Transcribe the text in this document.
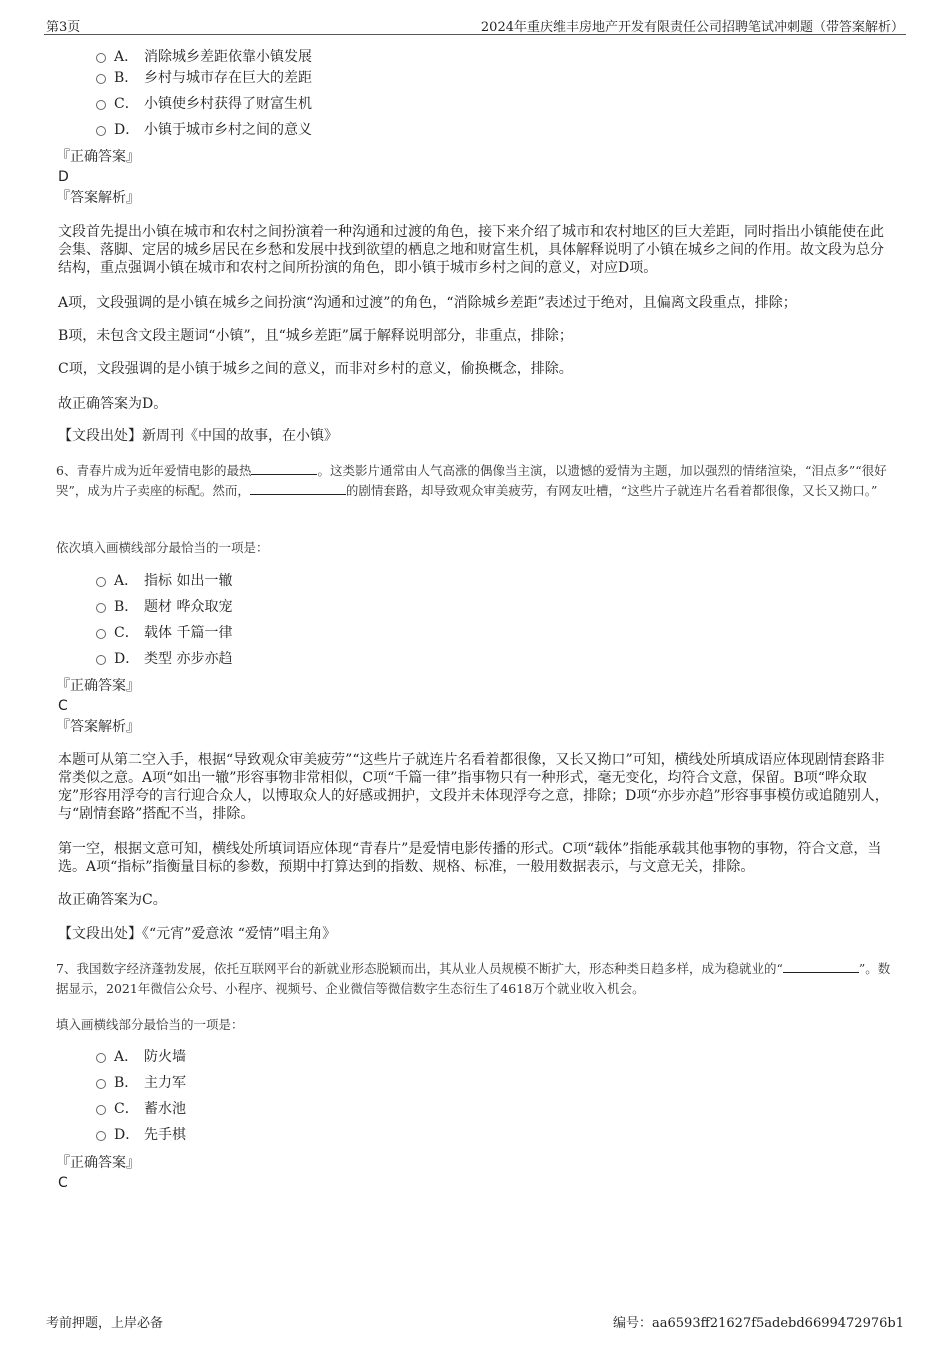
第3页	2024年重庆维丰房地产开发有限责任公司招聘笔试冲刺题（带答案解析）
A． 消除城乡差距依靠小镇发展
B． 乡村与城市存在巨大的差距
C． 小镇使乡村获得了财富生机
D． 小镇于城市乡村之间的意义
『正确答案』
D
『答案解析』
文段首先提出小镇在城市和农村之间扮演着一种沟通和过渡的角色，接下来介绍了城市和农村地区的巨大差距，同时指出小镇能使在此会集、落脚、定居的城乡居民在乡愁和发展中找到欲望的栖息之地和财富生机，具体解释说明了小镇在城乡之间的作用。故文段为总分结构，重点强调小镇在城市和农村之间所扮演的角色，即小镇于城市乡村之间的意义，对应D项。
A项，文段强调的是小镇在城乡之间扮演“沟通和过渡”的角色，“消除城乡差距”表述过于绝对，且偏离文段重点，排除；
B项，未包含文段主题词“小镇”，且“城乡差距”属于解释说明部分，非重点，排除；
C项，文段强调的是小镇于城乡之间的意义，而非对乡村的意义，偷换概念，排除。
故正确答案为D。
【文段出处】新周刊《中国的故事，在小镇》
6、青春片成为近年爱情电影的最热	。这类影片通常由人气高涨的偶像当主演，以遗憾的爱情为主题，加以强烈的情绪渲染，“泪点多”“很好哭”，成为片子卖座的标配。然而，	的剧情套路，却导致观众审美疲劳，有网友吐槽，“这些片子就连片名看着都很像，又长又拗口。”
依次填入画横线部分最恰当的一项是：
A． 指标 如出一辙
B． 题材 哗众取宠
C． 载体 千篇一律
D． 类型 亦步亦趋
『正确答案』
C
『答案解析』
本题可从第二空入手，根据“导致观众审美疲劳”“这些片子就连片名看着都很像，又长又拗口”可知，横线处所填成语应体现剧情套路非常类似之意。A项“如出一辙”形容事物非常相似，C项“千篇一律”指事物只有一种形式，毫无变化，均符合文意，保留。B项“哗众取宠”形容用浮夸的言行迎合众人，以博取众人的好感或拥护，文段并未体现浮夸之意，排除；D项“亦步亦趋”形容事事模仿或追随别人，与“剧情套路”搭配不当，排除。
第一空，根据文意可知，横线处所填词语应体现“青春片”是爱情电影传播的形式。C项“载体”指能承载其他事物的事物，符合文意，当选。A项“指标”指衡量目标的参数，预期中打算达到的指数、规格、标准，一般用数据表示，与文意无关，排除。
故正确答案为C。
【文段出处】《“元宵”爱意浓 “爱情”唱主角》
7、我国数字经济蓬勃发展，依托互联网平台的新就业形态脱颖而出，其从业人员规模不断扩大，形态种类日趋多样，成为稳就业的“	”。数据显示，2021年微信公众号、小程序、视频号、企业微信等微信数字生态衍生了4618万个就业收入机会。
填入画横线部分最恰当的一项是：
A． 防火墙
B． 主力军
C． 蓄水池
D． 先手棋
『正确答案』
C
考前押题，上岸必备	编号：aa6593ff21627f5adebd6699472976b1
